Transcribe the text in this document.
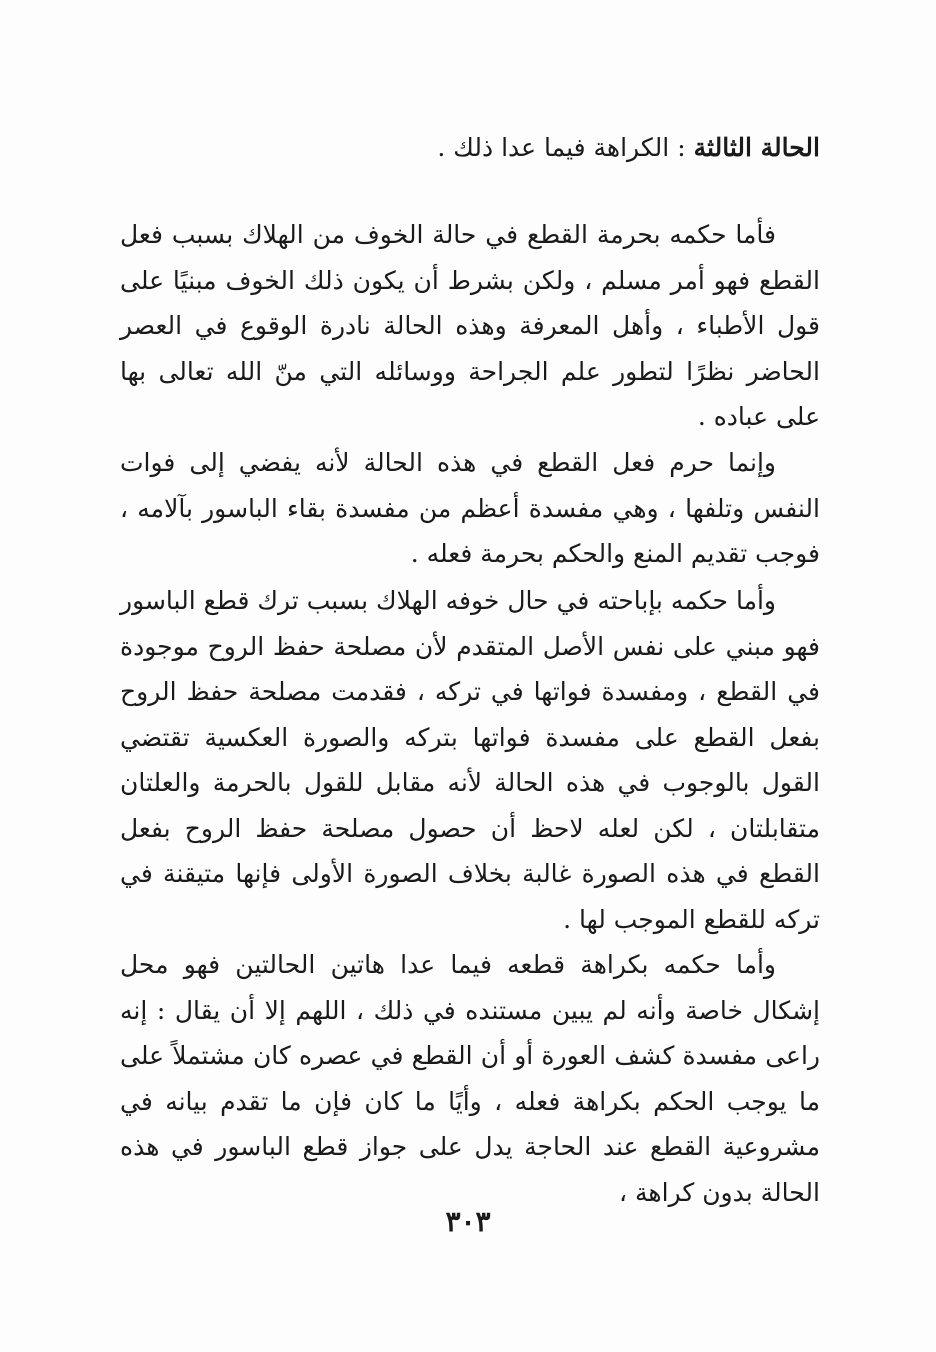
الحالة الثالثة:الكراهة فيما عدا ذلك .

فأما حكمه بحرمة القطع في حالة الخوف من الهلاك بسبب فعل القطع فهو أمر مسلم ، ولكن بشرط أن يكون ذلك الخوف مبنيًا على قول الأطباء ، وأهل المعرفة وهذه الحالة نادرة الوقوع في العصر الحاضر نظرًا لتطور علم الجراحة ووسائله التي منّ الله تعالى بها على عباده .

وإنما حرم فعل القطع في هذه الحالة لأنه يفضي إلى فوات النفس وتلفها ، وهي مفسدة أعظم من مفسدة بقاء الباسور بآلامه ، فوجب تقديم المنع والحكم بحرمة فعله .

وأما حكمه بإباحته في حال خوفه الهلاك بسبب ترك قطع الباسور فهو مبني على نفس الأصل المتقدم لأن مصلحة حفظ الروح موجودة في القطع ، ومفسدة فواتها في تركه ، فقدمت مصلحة حفظ الروح بفعل القطع على مفسدة فواتها بتركه والصورة العكسية تقتضي القول بالوجوب في هذه الحالة لأنه مقابل للقول بالحرمة والعلتان متقابلتان ، لكن لعله لاحظ أن حصول مصلحة حفظ الروح بفعل القطع في هذه الصورة غالبة بخلاف الصورة الأولى فإنها متيقنة في تركه للقطع الموجب لها .

وأما حكمه بكراهة قطعه فيما عدا هاتين الحالتين فهو محل إشكال خاصة وأنه لم يبين مستنده في ذلك ، اللهم إلا أن يقال : إنه راعى مفسدة كشف العورة أو أن القطع في عصره كان مشتملاً على ما يوجب الحكم بكراهة فعله ، وأيًا ما كان فإن ما تقدم بيانه في مشروعية القطع عند الحاجة يدل على جواز قطع الباسور في هذه الحالة بدون كراهة ،

٣٠٣
